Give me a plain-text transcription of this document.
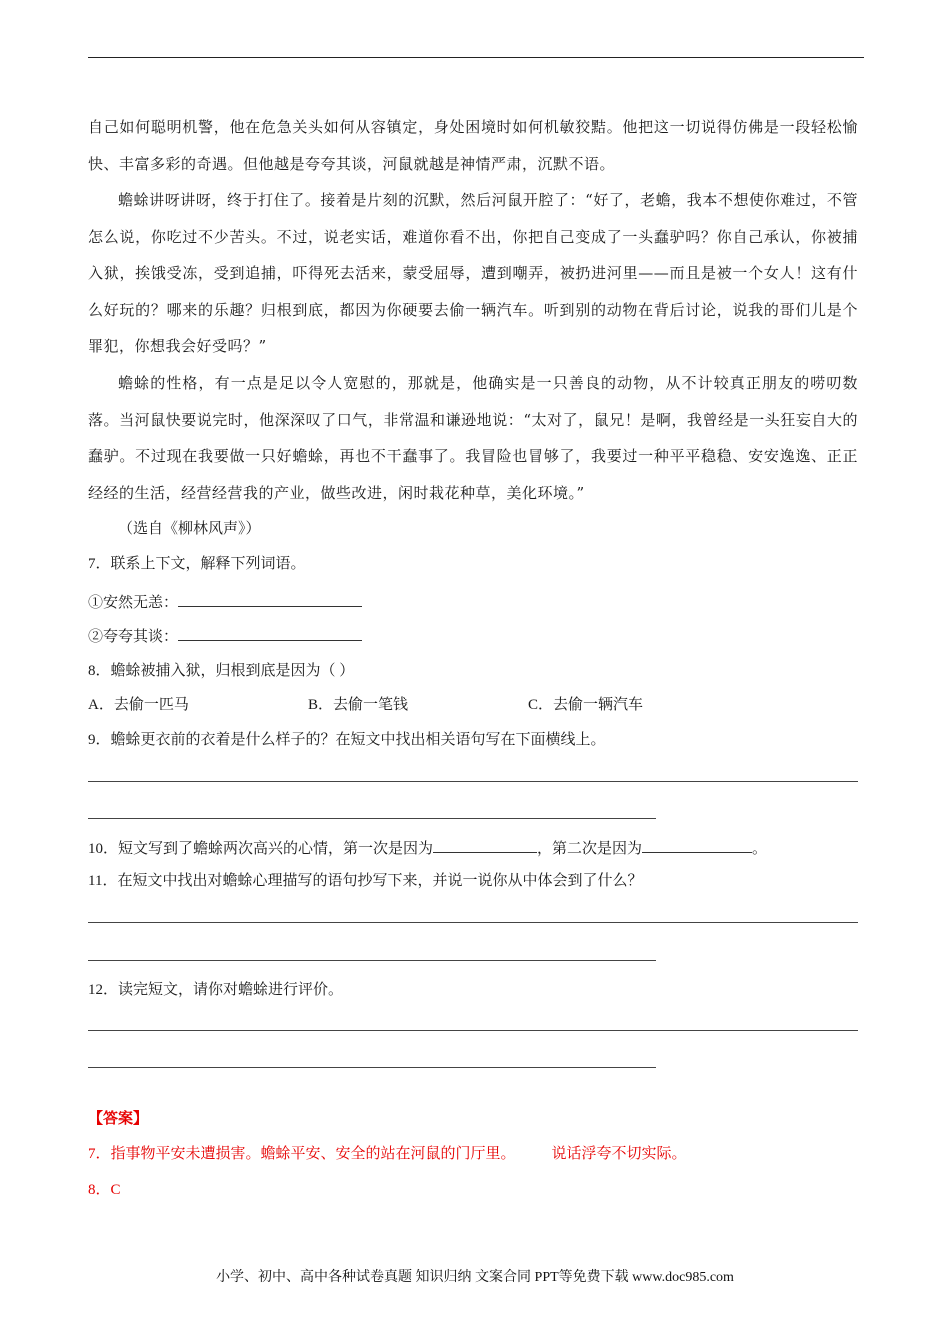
自己如何聪明机警，他在危急关头如何从容镇定，身处困境时如何机敏狡黠。他把这一切说得仿佛是一段轻松愉快、丰富多彩的奇遇。但他越是夸夸其谈，河鼠就越是神情严肃，沉默不语。

蟾蜍讲呀讲呀，终于打住了。接着是片刻的沉默，然后河鼠开腔了：“好了，老蟾，我本不想使你难过，不管怎么说，你吃过不少苦头。不过，说老实话，难道你看不出，你把自己变成了一头蠢驴吗？你自己承认，你被捕入狱，挨饿受冻，受到追捕，吓得死去活来，蒙受屈辱，遭到嘲弄，被扔进河里——而且是被一个女人！这有什么好玩的？哪来的乐趣？归根到底，都因为你硬要去偷一辆汽车。听到别的动物在背后讨论，说我的哥们儿是个罪犯，你想我会好受吗？”

蟾蜍的性格，有一点是足以令人宽慰的，那就是，他确实是一只善良的动物，从不计较真正朋友的唠叨数落。当河鼠快要说完时，他深深叹了口气，非常温和谦逊地说：“太对了，鼠兄！是啊，我曾经是一头狂妄自大的蠢驴。不过现在我要做一只好蟾蜍，再也不干蠢事了。我冒险也冒够了，我要过一种平平稳稳、安安逸逸、正正经经的生活，经营经营我的产业，做些改进，闲时栽花种草，美化环境。”

（选自《柳林风声》）
7．联系上下文，解释下列词语。
①安然无恙：
②夸夸其谈：
8．蟾蜍被捕入狱，归根到底是因为（ ）
A．去偷一匹马	B．去偷一笔钱	C．去偷一辆汽车
9．蟾蜍更衣前的衣着是什么样子的？在短文中找出相关语句写在下面横线上。
10．短文写到了蟾蜍两次高兴的心情，第一次是因为	，第二次是因为	。
11．在短文中找出对蟾蜍心理描写的语句抄写下来，并说一说你从中体会到了什么？
12．读完短文，请你对蟾蜍进行评价。
【答案】
7．指事物平安未遭损害。蟾蜍平安、安全的站在河鼠的门厅里。 说话浮夸不切实际。
8．C
小学、初中、高中各种试卷真题 知识归纳 文案合同 PPT等免费下载 www.doc985.com
